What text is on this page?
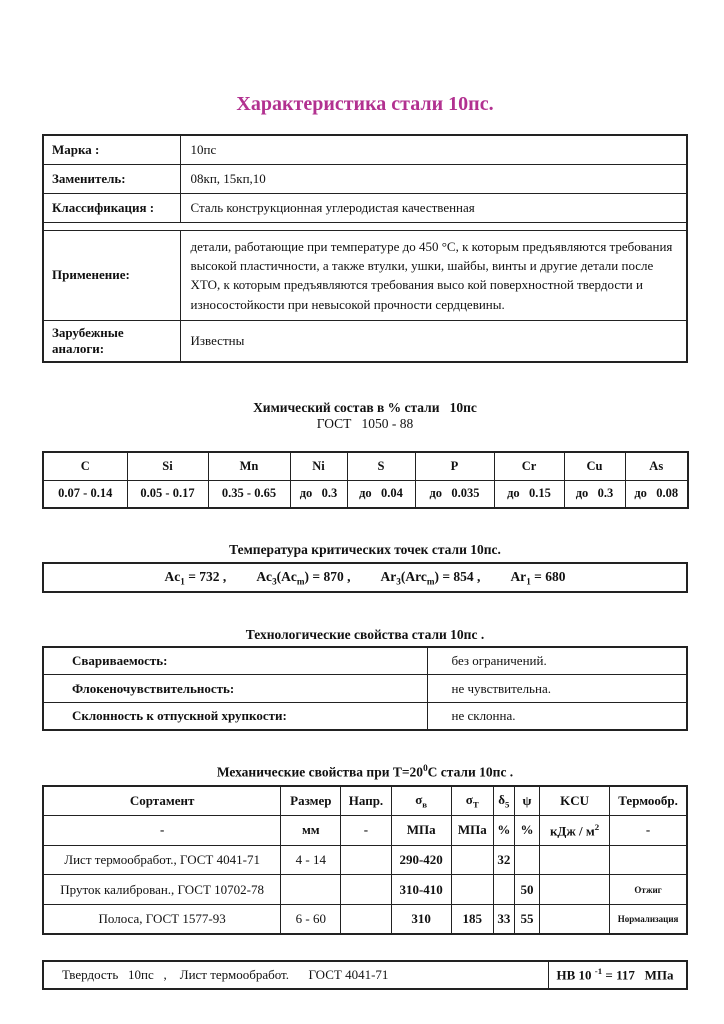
Характеристика стали 10пс.
Марка :	10пс
Заменитель:	08кп, 15кп,10
Классификация :	Сталь конструкционная углеродистая качественная

Применение:	детали, работающие при температуре до 450 °С, к которым предъявляются требования высокой пластичности, а также втулки, ушки, шайбы, винты и другие детали после ХТО, к которым предъявляются требования высо кой поверхностной твердости и износостойкости при невысокой прочности сердцевины.
Зарубежные аналоги:	Известны
Химический состав в % стали   10пс
ГОСТ   1050 - 88
C	Si	Mn	Ni	S	P	Cr	Cu	As
0.07 - 0.14	0.05 - 0.17	0.35 - 0.65	до   0.3	до   0.04	до   0.035	до   0.15	до   0.3	до   0.08
Температура критических точек стали 10пс.
$Ac_1 = 732$ , $Ac_3(Ac_m) = 870$ , $Ar_3(Arc_m) = 854$ , $Ar_1 = 680$
Технологические свойства стали 10пс .
Свариваемость:	без ограничений.
Флокеночувствительность:	не чувствительна.
Склонность к отпускной хрупкости:	не склонна.
Механические свойства при $Т=20^0С$ стали 10пс .
Сортамент	Размер	Напр.	$\sigma_в$	$\sigma_Т$	$\delta_5$	ψ	KCU	Термообр.
-	мм	-	МПа	МПа	%	%	кДж / $м^2$	-
Лист термообработ., ГОСТ 4041-71	4 - 14		290-420		32			
Пруток калиброван., ГОСТ 10702-78			310-410			50		Отжиг
Полоса, ГОСТ 1577-93	6 - 60		310	185	33	55		Нормализация
Твердость   10пс   ,    Лист термообработ.      ГОСТ 4041-71	НВ 10 $^{-1}$ = 117   МПа
